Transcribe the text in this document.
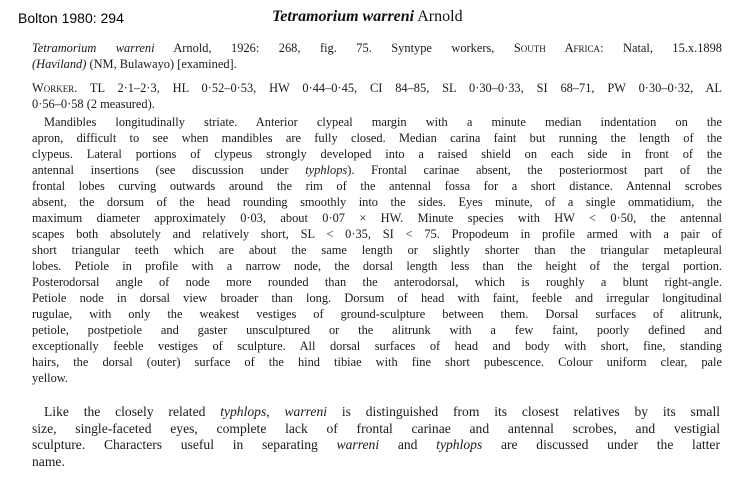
Bolton 1980: 294	Tetramorium warreni Arnold
Tetramorium warreni Arnold, 1926: 268, fig. 75. Syntype workers, South Africa: Natal, 15.x.1898
(Haviland) (NM, Bulawayo) [examined].
Worker. TL 2·1–2·3, HL 0·52–0·53, HW 0·44–0·45, CI 84–85, SL 0·30–0·33, SI 68–71, PW 0·30–0·32, AL
0·56–0·58 (2 measured).
Mandibles longitudinally striate. Anterior clypeal margin with a minute median indentation on the
apron, difficult to see when mandibles are fully closed. Median carina faint but running the length of the
clypeus. Lateral portions of clypeus strongly developed into a raised shield on each side in front of the
antennal insertions (see discussion under typhlops). Frontal carinae absent, the posteriormost part of the
frontal lobes curving outwards around the rim of the antennal fossa for a short distance. Antennal scrobes
absent, the dorsum of the head rounding smoothly into the sides. Eyes minute, of a single ommatidium, the
maximum diameter approximately 0·03, about 0·07 × HW. Minute species with HW < 0·50, the antennal
scapes both absolutely and relatively short, SL < 0·35, SI < 75. Propodeum in profile armed with a pair of
short triangular teeth which are about the same length or slightly shorter than the triangular metapleural
lobes. Petiole in profile with a narrow node, the dorsal length less than the height of the tergal portion.
Posterodorsal angle of node more rounded than the anterodorsal, which is roughly a blunt right-angle.
Petiole node in dorsal view broader than long. Dorsum of head with faint, feeble and irregular longitudinal
rugulae, with only the weakest vestiges of ground-sculpture between them. Dorsal surfaces of alitrunk,
petiole, postpetiole and gaster unsculptured or the alitrunk with a few faint, poorly defined and
exceptionally feeble vestiges of sculpture. All dorsal surfaces of head and body with short, fine, standing
hairs, the dorsal (outer) surface of the hind tibiae with fine short pubescence. Colour uniform clear, pale
yellow.
Like the closely related typhlops, warreni is distinguished from its closest relatives by its small
size, single-faceted eyes, complete lack of frontal carinae and antennal scrobes, and vestigial
sculpture. Characters useful in separating warreni and typhlops are discussed under the latter
name.
